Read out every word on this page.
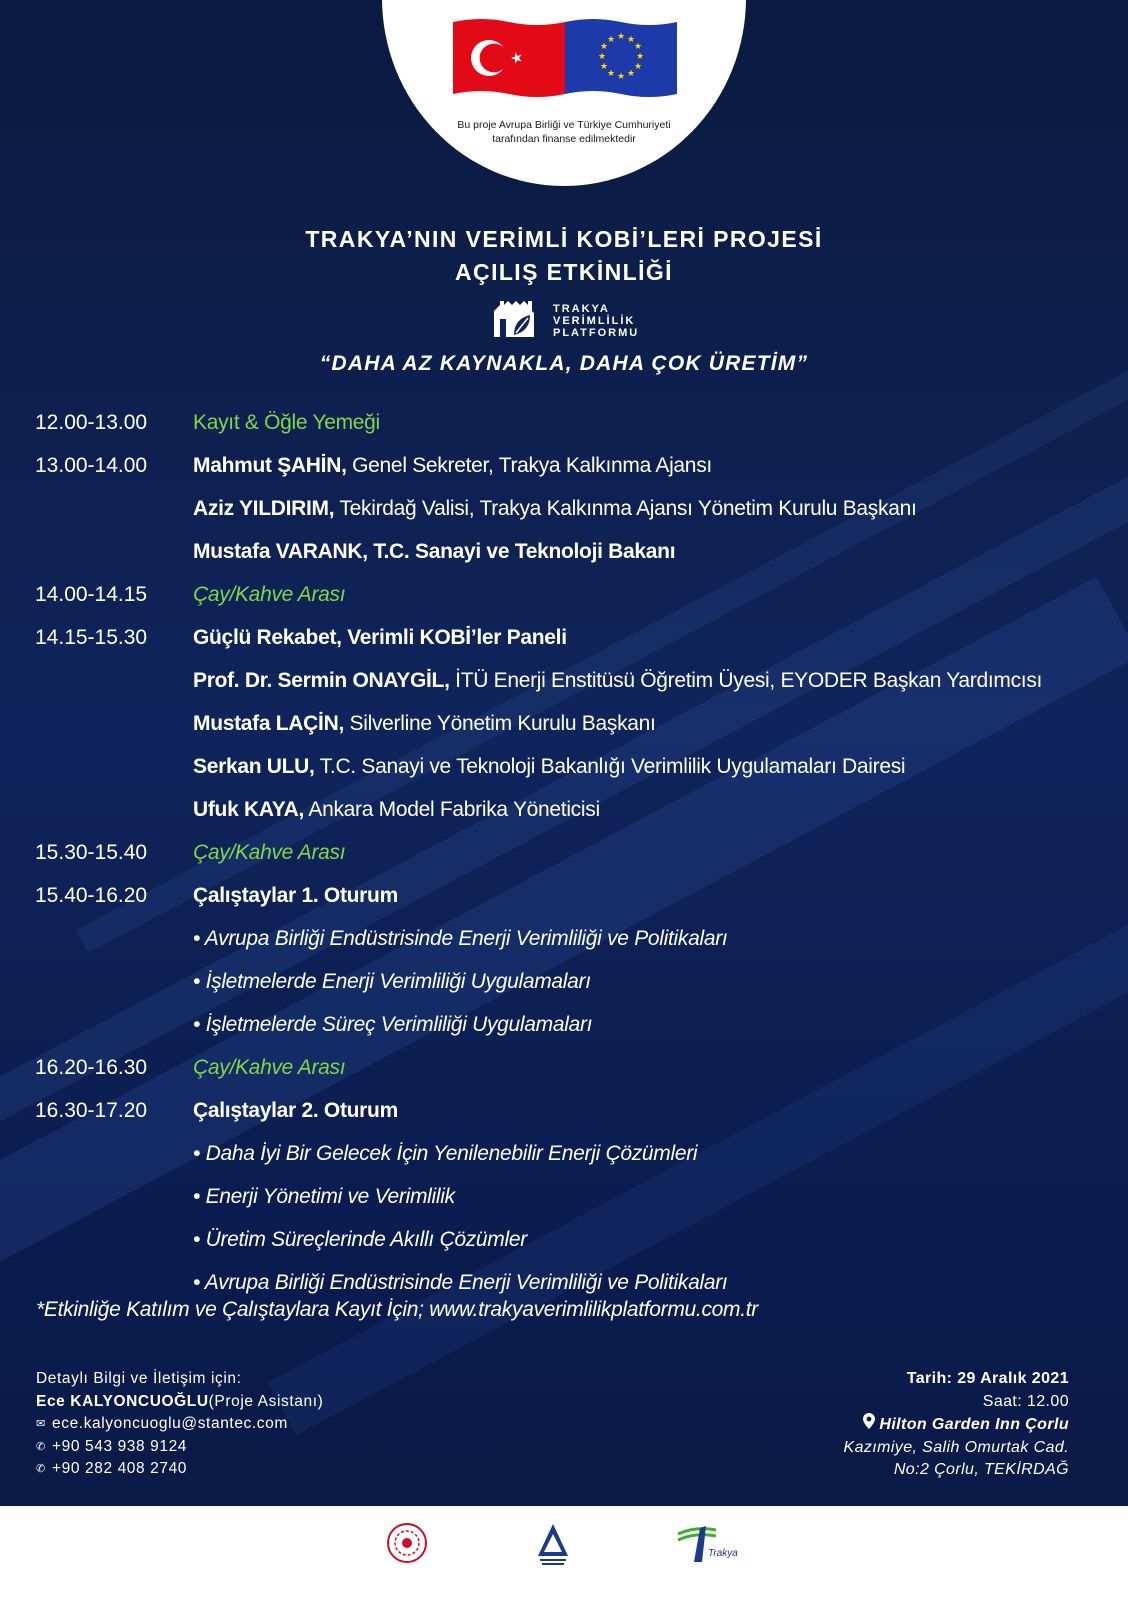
★ ★
★
★
★
★
★
★
★
★
★
★
Bu proje Avrupa Birliği ve Türkiye Cumhuriyeti
tarafından finanse edilmektedir
TRAKYA’NIN VERİMLİ KOBİ’LERİ PROJESİ
AÇILIŞ ETKİNLİĞİ
TRAKYA
VERİMLİLİK
PLATFORMU
“DAHA AZ KAYNAKLA, DAHA ÇOK ÜRETİM”
12.00-13.00	Kayıt & Öğle Yemeği
13.00-14.00	Mahmut ŞAHİN, Genel Sekreter, Trakya Kalkınma Ajansı
Aziz YILDIRIM, Tekirdağ Valisi, Trakya Kalkınma Ajansı Yönetim Kurulu Başkanı
Mustafa VARANK, T.C. Sanayi ve Teknoloji Bakanı
14.00-14.15	Çay/Kahve Arası
14.15-15.30	Güçlü Rekabet, Verimli KOBİ’ler Paneli
Prof. Dr. Sermin ONAYGİL, İTÜ Enerji Enstitüsü Öğretim Üyesi, EYODER Başkan Yardımcısı
Mustafa LAÇİN, Silverline Yönetim Kurulu Başkanı
Serkan ULU, T.C. Sanayi ve Teknoloji Bakanlığı Verimlilik Uygulamaları Dairesi
Ufuk KAYA, Ankara Model Fabrika Yöneticisi
15.30-15.40	Çay/Kahve Arası
15.40-16.20	Çalıştaylar 1. Oturum
• Avrupa Birliği Endüstrisinde Enerji Verimliliği ve Politikaları
• İşletmelerde Enerji Verimliliği Uygulamaları
• İşletmelerde Süreç Verimliliği Uygulamaları
16.20-16.30	Çay/Kahve Arası
16.30-17.20	Çalıştaylar 2. Oturum
• Daha İyi Bir Gelecek İçin Yenilenebilir Enerji Çözümleri
• Enerji Yönetimi ve Verimlilik
• Üretim Süreçlerinde Akıllı Çözümler
• Avrupa Birliği Endüstrisinde Enerji Verimliliği ve Politikaları
*Etkinliğe Katılım ve Çalıştaylara Kayıt İçin; www.trakyaverimlilikplatformu.com.tr
Detaylı Bilgi ve İletişim için:
Ece KALYONCUOĞLU (Proje Asistanı)
✉ ece.kalyoncuoglu@stantec.com
✆ +90 543 938 9124
✆ +90 282 408 2740
Tarih: 29 Aralık 2021
Saat: 12.00
Hilton Garden Inn Çorlu
Kazımiye, Salih Omurtak Cad.
No:2 Çorlu, TEKİRDAĞ
Trakya
